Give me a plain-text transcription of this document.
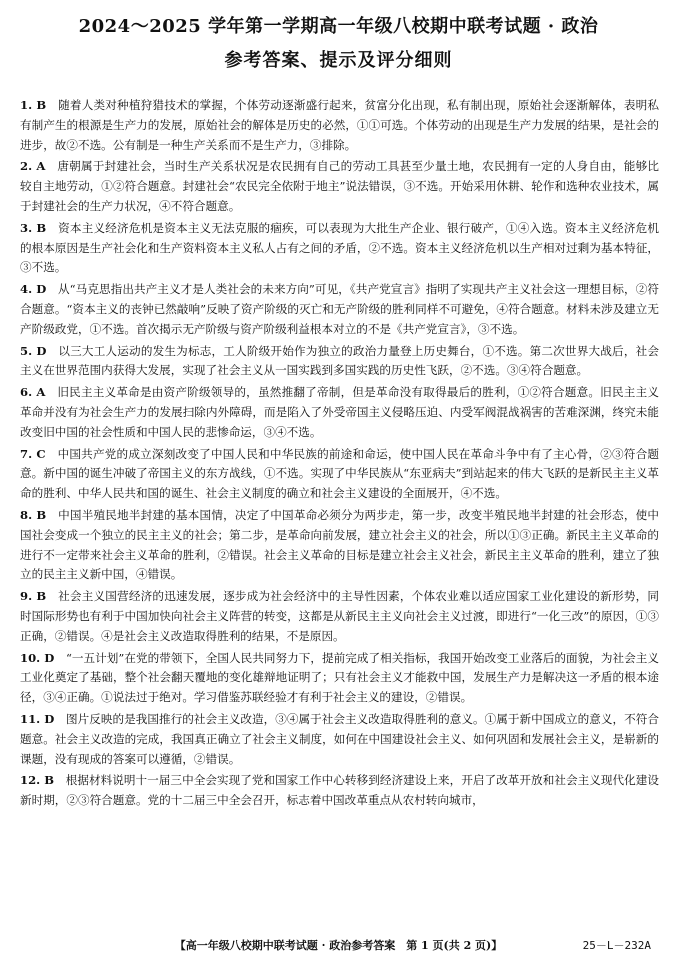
2024～2025 学年第一学期高一年级八校期中联考试题 · 政治
参考答案、提示及评分细则

1. B　 随着人类对种植狩猎技术的掌握，个体劳动逐渐盛行起来，贫富分化出现，私有制出现，原始社会逐渐解体，表明私有制产生的根源是生产力的发展，原始社会的解体是历史的必然，①①可选。个体劳动的出现是生产力发展的结果，是社会的进步，故②不选。公有制是一种生产关系而不是生产力，③排除。

2. A　 唐朝属于封建社会，当时生产关系状况是农民拥有自己的劳动工具甚至少量土地，农民拥有一定的人身自由，能够比较自主地劳动，①②符合题意。封建社会“农民完全依附于地主”说法错误，③不选。开始采用休耕、轮作和选种农业技术，属于封建社会的生产力状况，④不符合题意。

3. B　 资本主义经济危机是资本主义无法克服的痼疾，可以表现为大批生产企业、银行破产，①④入选。资本主义经济危机的根本原因是生产社会化和生产资料资本主义私人占有之间的矛盾，②不选。资本主义经济危机以生产相对过剩为基本特征，③不选。

4. D　 从“马克思指出共产主义才是人类社会的未来方向”可见，《共产党宣言》指明了实现共产主义社会这一理想目标，②符合题意。“资本主义的丧钟已然敲响”反映了资产阶级的灭亡和无产阶级的胜利同样不可避免，④符合题意。材料未涉及建立无产阶级政党，①不选。首次揭示无产阶级与资产阶级利益根本对立的不是《共产党宣言》，③不选。

5. D　 以三大工人运动的发生为标志，工人阶级开始作为独立的政治力量登上历史舞台，①不选。第二次世界大战后，社会主义在世界范围内获得大发展，实现了社会主义从一国实践到多国实践的历史性飞跃，②不选。③④符合题意。

6. A　 旧民主主义革命是由资产阶级领导的，虽然推翻了帝制，但是革命没有取得最后的胜利，①②符合题意。旧民主主义革命并没有为社会生产力的发展扫除内外障碍，而是陷入了外受帝国主义侵略压迫、内受军阀混战祸害的苦难深渊，终究未能改变旧中国的社会性质和中国人民的悲惨命运，③④不选。

7. C　 中国共产党的成立深刻改变了中国人民和中华民族的前途和命运，使中国人民在革命斗争中有了主心骨，②③符合题意。新中国的诞生冲破了帝国主义的东方战线，①不选。实现了中华民族从“东亚病夫”到站起来的伟大飞跃的是新民主主义革命的胜利、中华人民共和国的诞生、社会主义制度的确立和社会主义建设的全面展开，④不选。

8. B　 中国半殖民地半封建的基本国情，决定了中国革命必须分为两步走，第一步，改变半殖民地半封建的社会形态，使中国社会变成一个独立的民主主义的社会；第二步，是革命向前发展，建立社会主义的社会，所以①③正确。新民主主义革命的进行不一定带来社会主义革命的胜利，②错误。社会主义革命的目标是建立社会主义社会，新民主主义革命的胜利，建立了独立的民主主义新中国，④错误。

9. B　 社会主义国营经济的迅速发展，逐步成为社会经济中的主导性因素，个体农业难以适应国家工业化建设的新形势，同时国际形势也有利于中国加快向社会主义阵营的转变，这都是从新民主主义向社会主义过渡，即进行“一化三改”的原因，①③正确，②错误。④是社会主义改造取得胜利的结果，不是原因。

10. D　 “一五计划”在党的带领下，全国人民共同努力下，提前完成了相关指标，我国开始改变工业落后的面貌，为社会主义工业化奠定了基础，整个社会翻天覆地的变化雄辩地证明了；只有社会主义才能救中国，发展生产力是解决这一矛盾的根本途径，③④正确。①说法过于绝对。学习借鉴苏联经验才有利于社会主义的建设，②错误。

11. D　 图片反映的是我国推行的社会主义改造，③④属于社会主义改造取得胜利的意义。①属于新中国成立的意义，不符合题意。社会主义改造的完成，我国真正确立了社会主义制度，如何在中国建设社会主义、如何巩固和发展社会主义，是崭新的课题，没有现成的答案可以遵循，②错误。

12. B　 根据材料说明十一届三中全会实现了党和国家工作中心转移到经济建设上来，开启了改革开放和社会主义现代化建设新时期，②③符合题意。党的十二届三中全会召开，标志着中国改革重点从农村转向城市，

【高一年级八校期中联考试题 · 政治参考答案　第 1 页(共 2 页)】	25－L－232A
